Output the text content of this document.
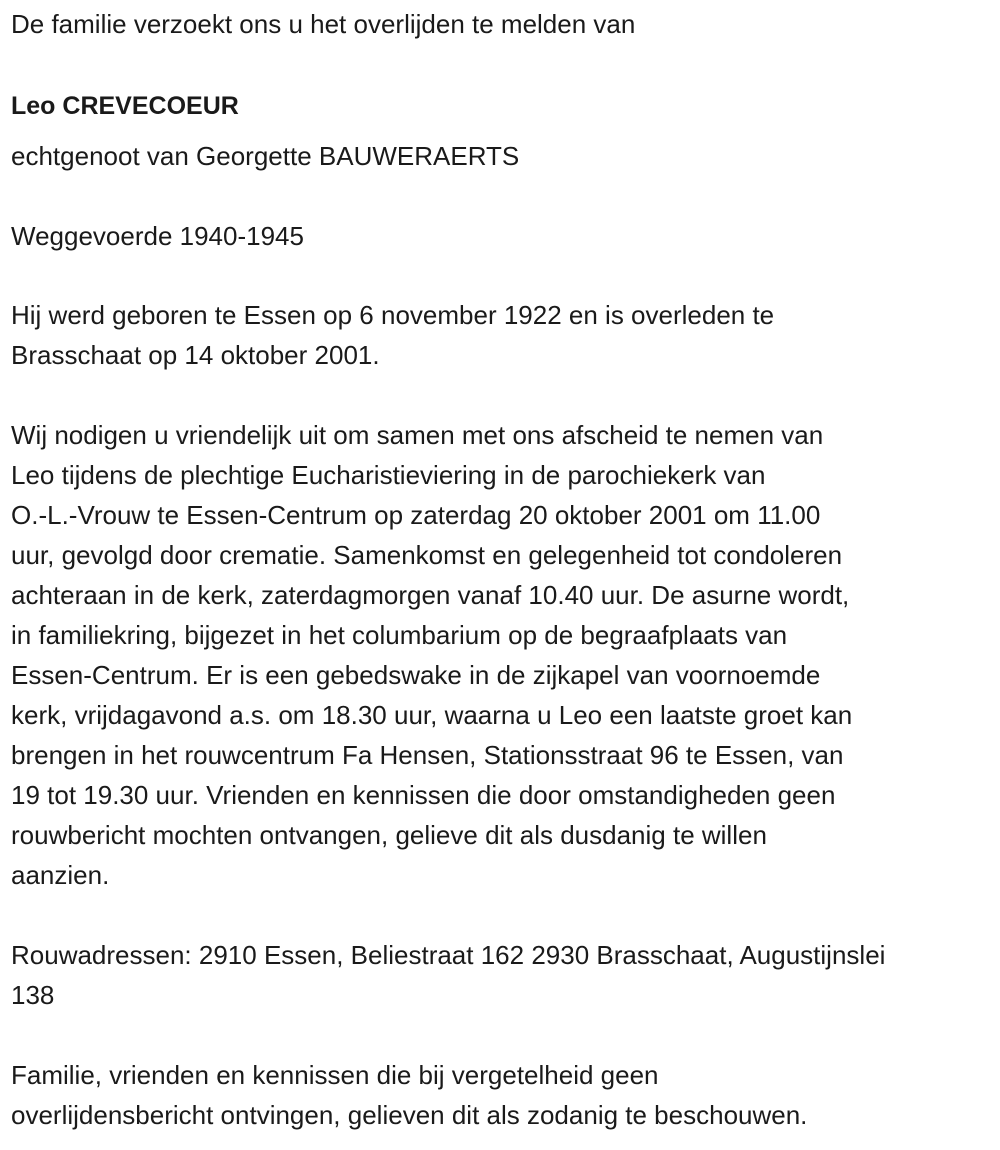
De familie verzoekt ons u het overlijden te melden van
Leo CREVECOEUR
echtgenoot van Georgette BAUWERAERTS
Weggevoerde 1940-1945
Hij werd geboren te Essen op 6 november 1922 en is overleden te
Brasschaat op 14 oktober 2001.
Wij nodigen u vriendelijk uit om samen met ons afscheid te nemen van
Leo tijdens de plechtige Eucharistieviering in de parochiekerk van
O.-L.-Vrouw te Essen-Centrum op zaterdag 20 oktober 2001 om 11.00
uur, gevolgd door crematie. Samenkomst en gelegenheid tot condoleren
achteraan in de kerk, zaterdagmorgen vanaf 10.40 uur. De asurne wordt,
in familiekring, bijgezet in het columbarium op de begraafplaats van
Essen-Centrum. Er is een gebedswake in de zijkapel van voornoemde
kerk, vrijdagavond a.s. om 18.30 uur, waarna u Leo een laatste groet kan
brengen in het rouwcentrum Fa Hensen, Stationsstraat 96 te Essen, van
19 tot 19.30 uur. Vrienden en kennissen die door omstandigheden geen
rouwbericht mochten ontvangen, gelieve dit als dusdanig te willen
aanzien.
Rouwadressen: 2910 Essen, Beliestraat 162 2930 Brasschaat, Augustijnslei
138
Familie, vrienden en kennissen die bij vergetelheid geen
overlijdensbericht ontvingen, gelieven dit als zodanig te beschouwen.
